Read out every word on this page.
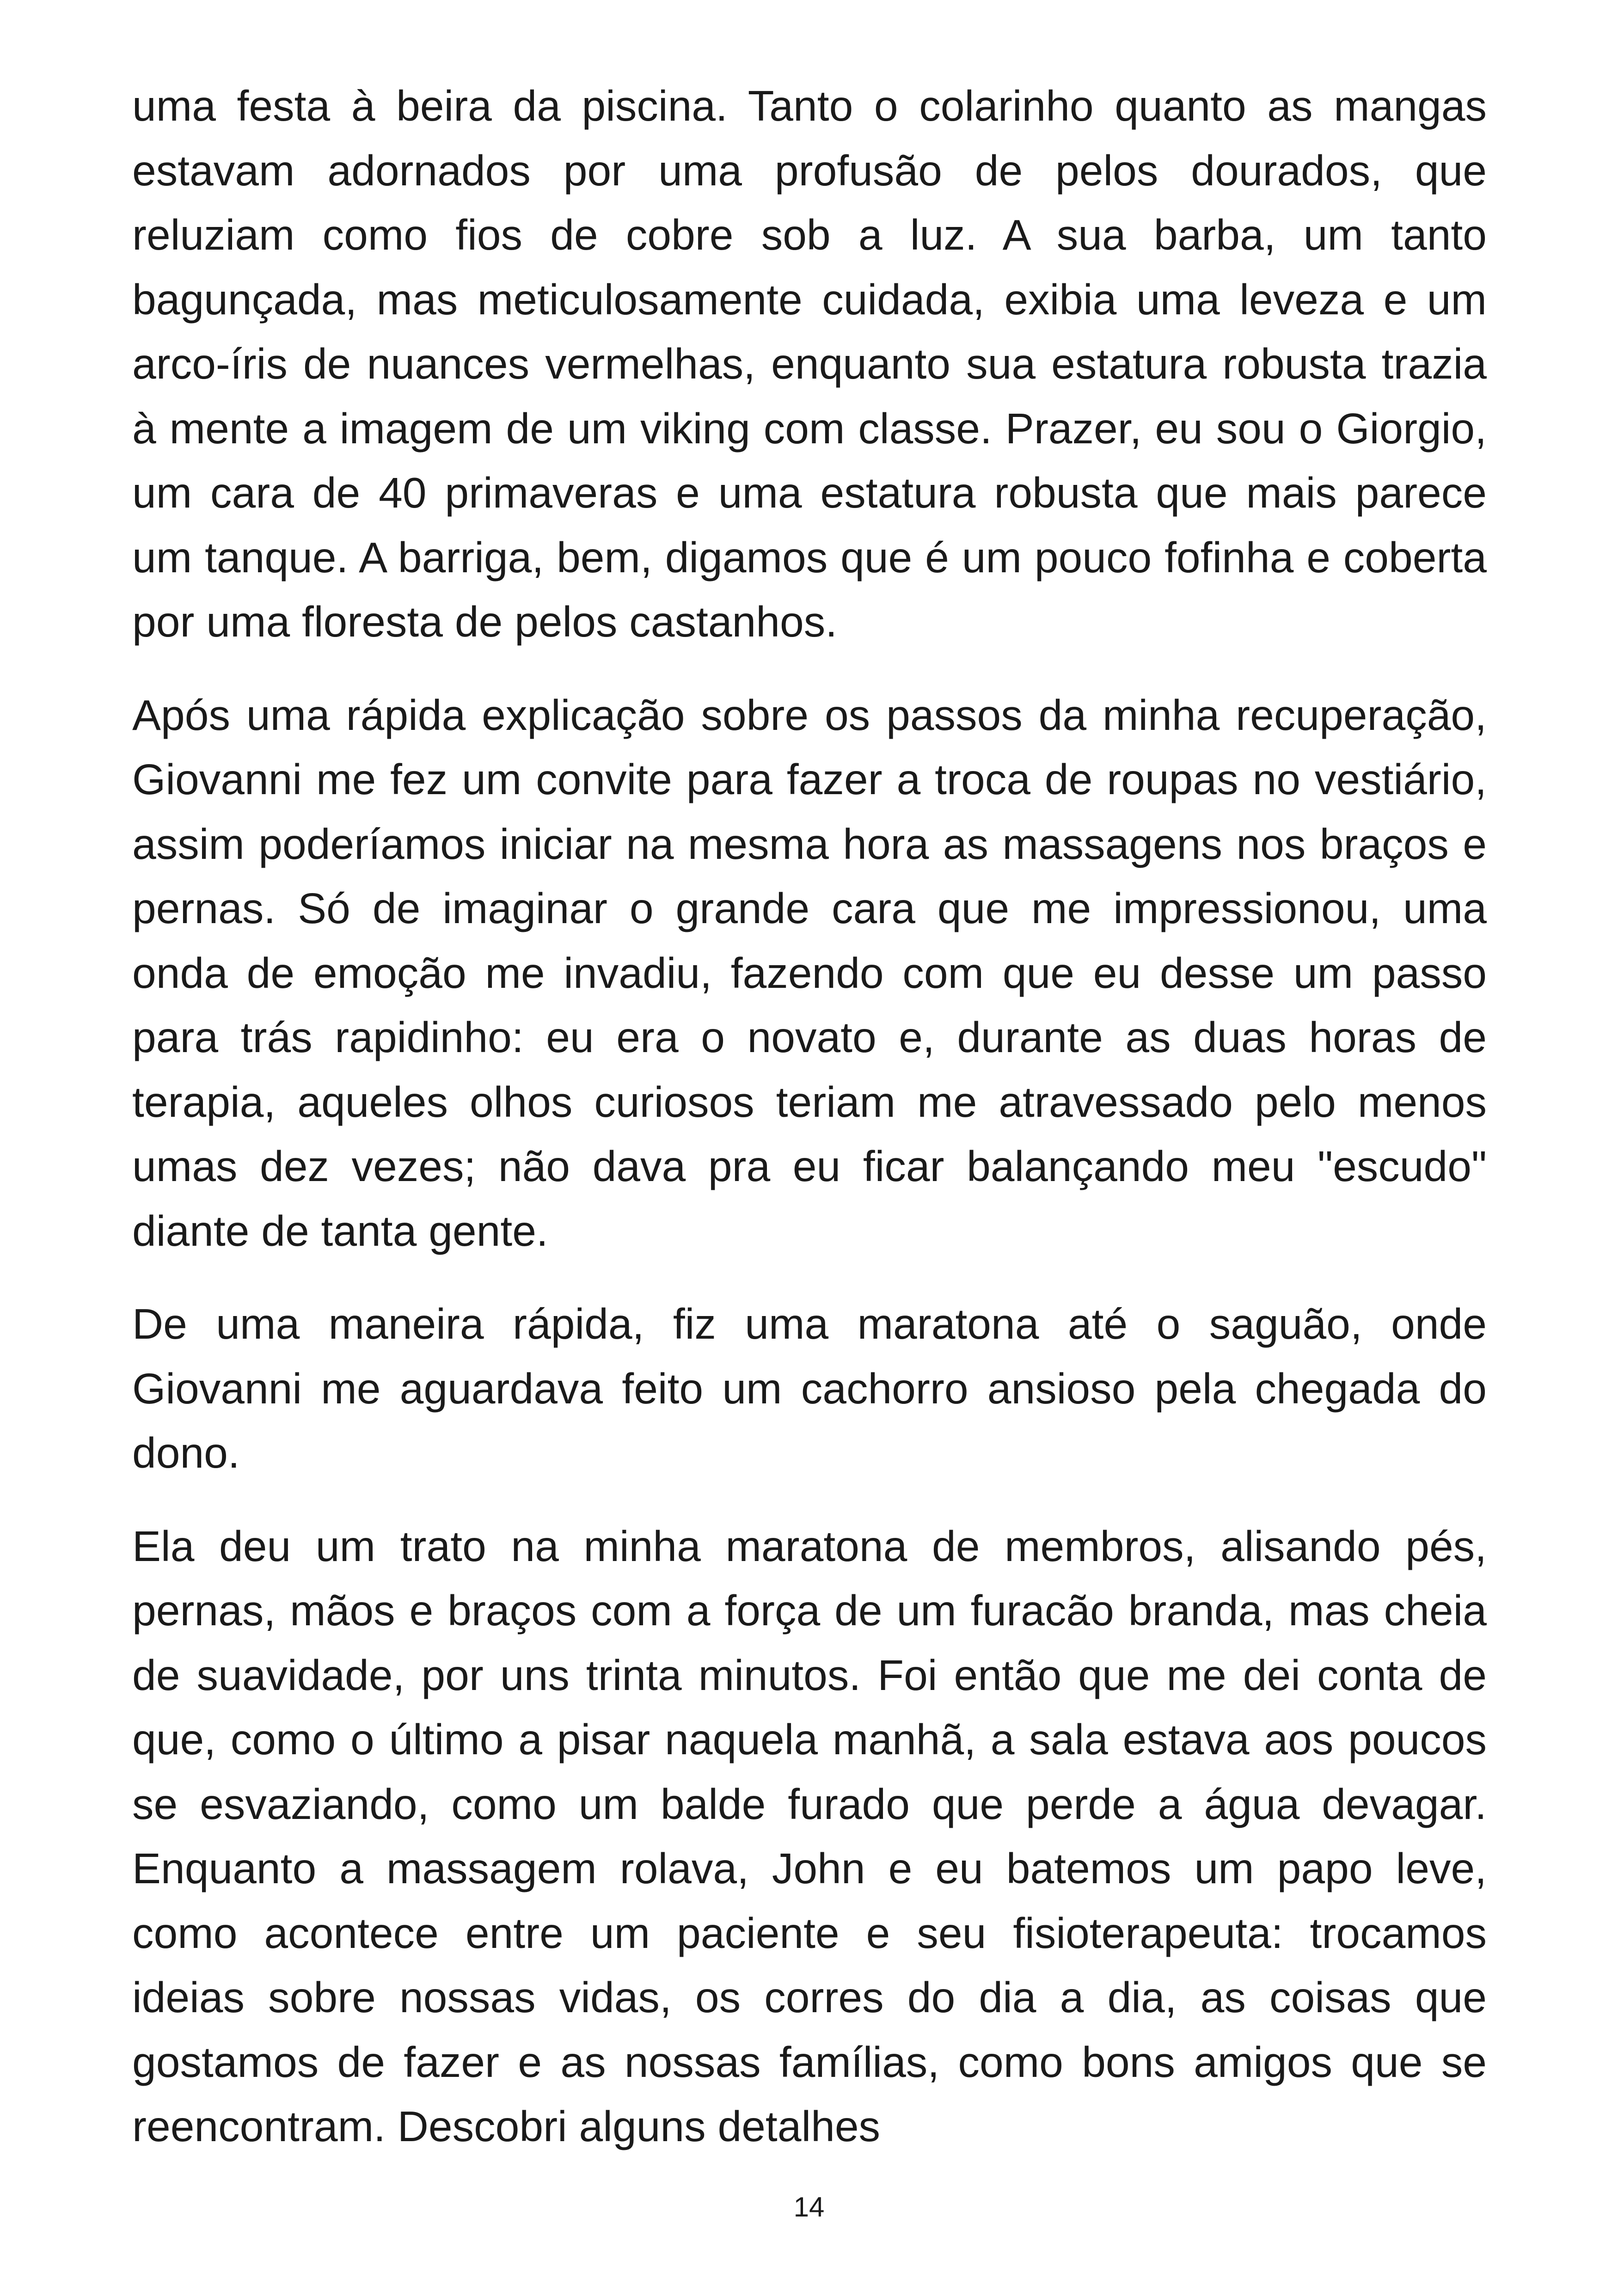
uma festa à beira da piscina. Tanto o colarinho quanto as mangas estavam adornados por uma profusão de pelos dourados, que reluziam como fios de cobre sob a luz. A sua barba, um tanto bagunçada, mas meticulosamente cuidada, exibia uma leveza e um arco-íris de nuances vermelhas, enquanto sua estatura robusta trazia à mente a imagem de um viking com classe. Prazer, eu sou o Giorgio, um cara de 40 primaveras e uma estatura robusta que mais parece um tanque. A barriga, bem, digamos que é um pouco fofinha e coberta por uma floresta de pelos castanhos.

Após uma rápida explicação sobre os passos da minha recuperação, Giovanni me fez um convite para fazer a troca de roupas no vestiário, assim poderíamos iniciar na mesma hora as massagens nos braços e pernas. Só de imaginar o grande cara que me impressionou, uma onda de emoção me invadiu, fazendo com que eu desse um passo para trás rapidinho: eu era o novato e, durante as duas horas de terapia, aqueles olhos curiosos teriam me atravessado pelo menos umas dez vezes; não dava pra eu ficar balançando meu "escudo" diante de tanta gente.

De uma maneira rápida, fiz uma maratona até o saguão, onde Giovanni me aguardava feito um cachorro ansioso pela chegada do dono.

Ela deu um trato na minha maratona de membros, alisando pés, pernas, mãos e braços com a força de um furacão branda, mas cheia de suavidade, por uns trinta minutos. Foi então que me dei conta de que, como o último a pisar naquela manhã, a sala estava aos poucos se esvaziando, como um balde furado que perde a água devagar. Enquanto a massagem rolava, John e eu batemos um papo leve, como acontece entre um paciente e seu fisioterapeuta: trocamos ideias sobre nossas vidas, os corres do dia a dia, as coisas que gostamos de fazer e as nossas famílias, como bons amigos que se reencontram. Descobri alguns detalhes

14
